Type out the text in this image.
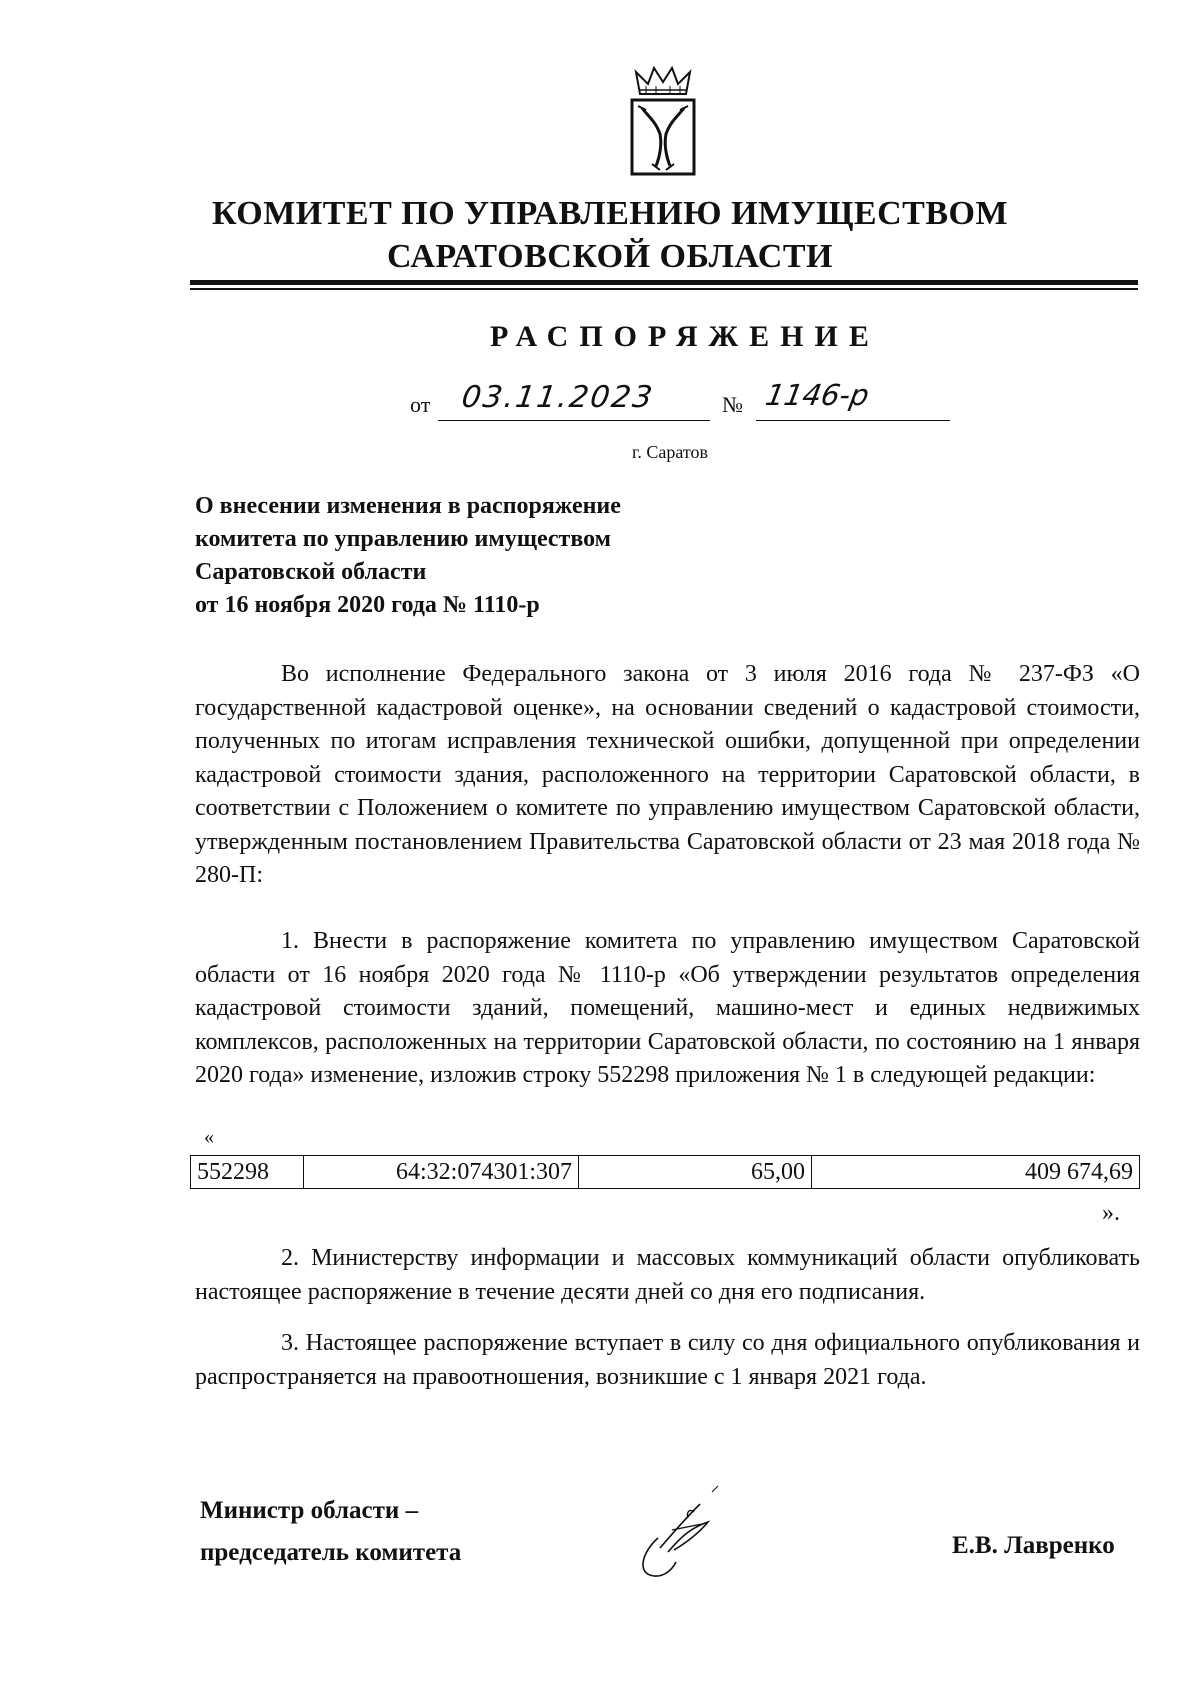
КОМИТЕТ ПО УПРАВЛЕНИЮ ИМУЩЕСТВОМ
САРАТОВСКОЙ ОБЛАСТИ
РАСПОРЯЖЕНИЕ
от 03.11.2023	№ 1146-р
г. Саратов
О внесении изменения в распоряжение
комитета по управлению имуществом
Саратовской области
от 16 ноября 2020 года № 1110-р
Во исполнение Федерального закона от 3 июля 2016 года № 237-ФЗ «О государственной кадастровой оценке», на основании сведений о кадастровой стоимости, полученных по итогам исправления технической ошибки, допущенной при определении кадастровой стоимости здания, расположенного на территории Саратовской области, в соответствии с Положением о комитете по управлению имуществом Саратовской области, утвержденным постановлением Правительства Саратовской области от 23 мая 2018 года № 280-П:
1. Внести в распоряжение комитета по управлению имуществом Саратовской области от 16 ноября 2020 года № 1110-р «Об утверждении результатов определения кадастровой стоимости зданий, помещений, машино-мест и единых недвижимых комплексов, расположенных на территории Саратовской области, по состоянию на 1 января 2020 года» изменение, изложив строку 552298 приложения № 1 в следующей редакции:
«
552298	64:32:074301:307	65,00	409 674,69
».
2. Министерству информации и массовых коммуникаций области опубликовать настоящее распоряжение в течение десяти дней со дня его подписания.
3. Настоящее распоряжение вступает в силу со дня официального опубликования и распространяется на правоотношения, возникшие с 1 января 2021 года.
Министр области –
председатель комитета	Е.В. Лавренко
